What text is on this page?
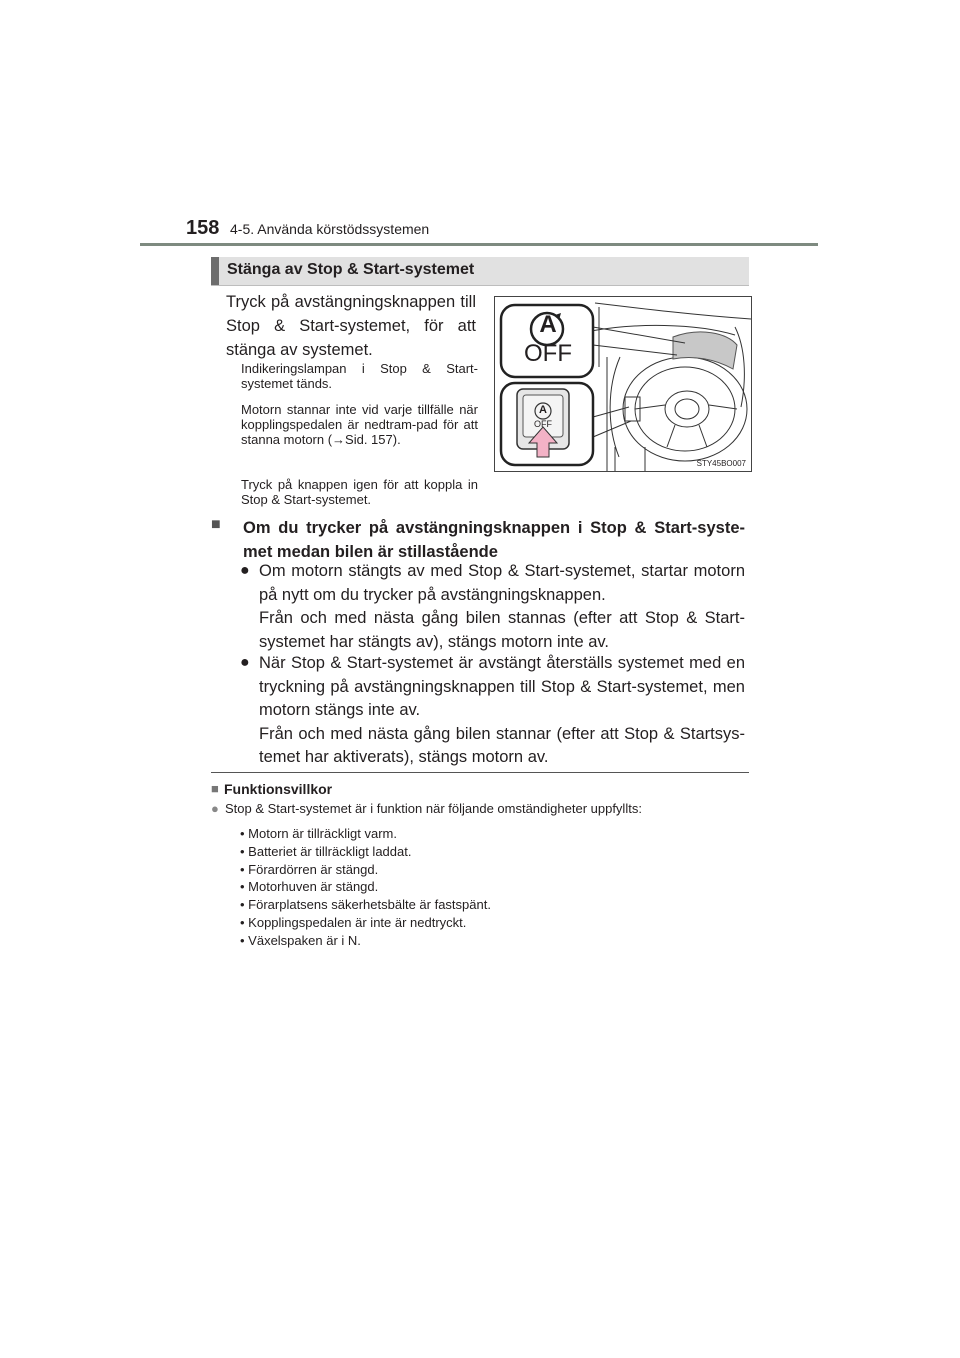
158 4-5. Använda körstödssystemen
Stänga av Stop & Start-systemet
Tryck på avstängningsknappen till Stop & Start-systemet, för att stänga av systemet.
Indikeringslampan i Stop & Start-systemet tänds.
Motorn stannar inte vid varje tillfälle när kopplingspedalen är nedtram-pad för att stanna motorn (→Sid. 157).
Tryck på knappen igen för att koppla in Stop & Start-systemet.
A
OFF
A
OFF
STY45BO007
■ Om du trycker på avstängningsknappen i Stop & Start-syste-met medan bilen är stillastående
● Om motorn stängts av med Stop & Start-systemet, startar motorn på nytt om du trycker på avstängningsknappen.
Från och med nästa gång bilen stannas (efter att Stop & Start-systemet har stängts av), stängs motorn inte av.
● När Stop & Start-systemet är avstängt återställs systemet med en tryckning på avstängningsknappen till Stop & Start-systemet, men motorn stängs inte av.
Från och med nästa gång bilen stannar (efter att Stop & Startsys-temet har aktiverats), stängs motorn av.
■ Funktionsvillkor
● Stop & Start-systemet är i funktion när följande omständigheter uppfyllts:
• Motorn är tillräckligt varm.
• Batteriet är tillräckligt laddat.
• Förardörren är stängd.
• Motorhuven är stängd.
• Förarplatsens säkerhetsbälte är fastspänt.
• Kopplingspedalen är inte är nedtryckt.
• Växelspaken är i N.
